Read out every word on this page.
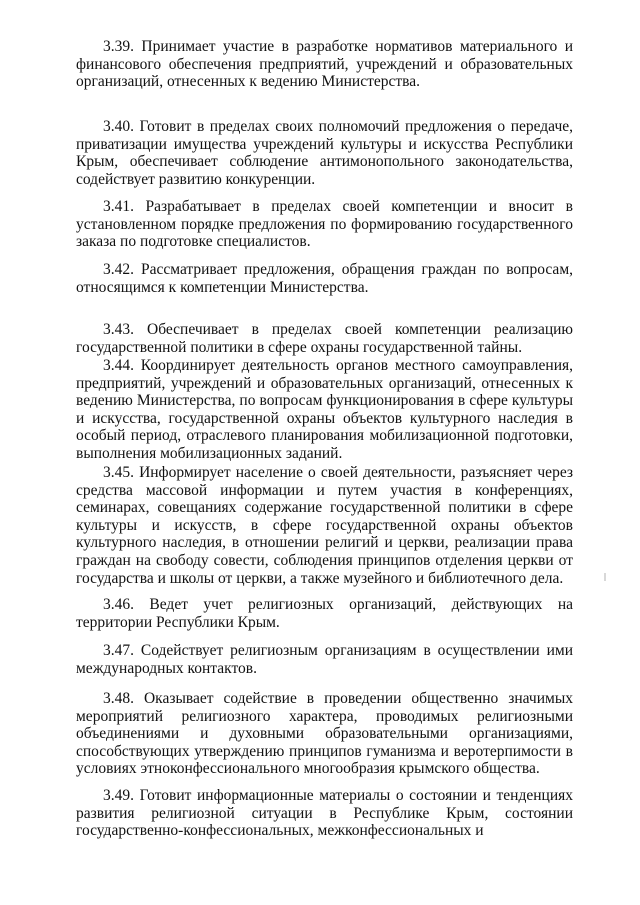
3.39. Принимает участие в разработке нормативов материального и финансового обеспечения предприятий, учреждений и образовательных организаций, отнесенных к ведению Министерства.

3.40. Готовит в пределах своих полномочий предложения о передаче, приватизации имущества учреждений культуры и искусства Республики Крым, обеспечивает соблюдение антимонопольного законодательства, содействует развитию конкуренции.

3.41. Разрабатывает в пределах своей компетенции и вносит в установленном порядке предложения по формированию государственного заказа по подготовке специалистов.

3.42. Рассматривает предложения, обращения граждан по вопросам, относящимся к компетенции Министерства.

3.43. Обеспечивает в пределах своей компетенции реализацию государственной политики в сфере охраны государственной тайны.

3.44. Координирует деятельность органов местного самоуправления, предприятий, учреждений и образовательных организаций, отнесенных к ведению Министерства, по вопросам функционирования в сфере культуры и искусства, государственной охраны объектов культурного наследия в особый период, отраслевого планирования мобилизационной подготовки, выполнения мобилизационных заданий.

3.45. Информирует население о своей деятельности, разъясняет через средства массовой информации и путем участия в конференциях, семинарах, совещаниях содержание государственной политики в сфере культуры и искусств, в сфере государственной охраны объектов культурного наследия, в отношении религий и церкви, реализации права граждан на свободу совести, соблюдения принципов отделения церкви от государства и школы от церкви, а также музейного и библиотечного дела.

3.46. Ведет учет религиозных организаций, действующих на территории Республики Крым.

3.47. Содействует религиозным организациям в осуществлении ими международных контактов.

3.48. Оказывает содействие в проведении общественно значимых мероприятий религиозного характера, проводимых религиозными объединениями и духовными образовательными организациями, способствующих утверждению принципов гуманизма и веротерпимости в условиях этноконфессионального многообразия крымского общества.

3.49. Готовит информационные материалы о состоянии и тенденциях развития религиозной ситуации в Республике Крым, состоянии государственно-конфессиональных, межконфессиональных и
